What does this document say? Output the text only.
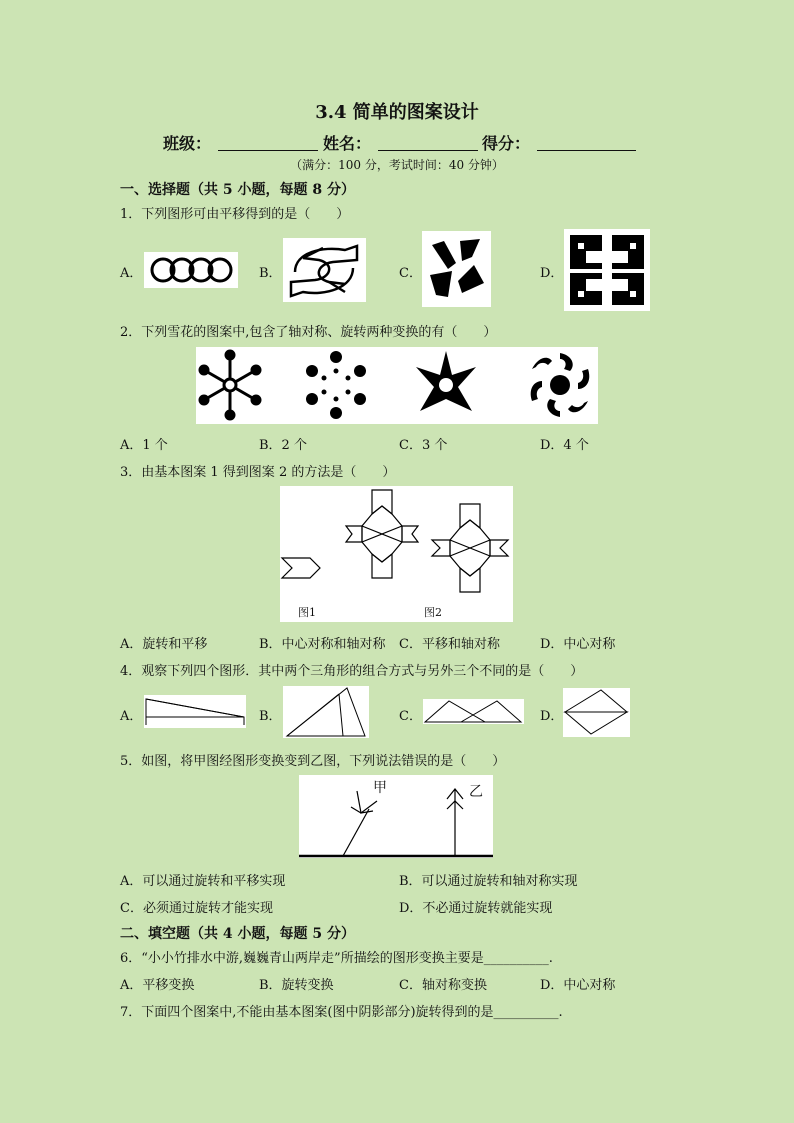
3.4 简单的图案设计
班级：	姓名：	得分：
（满分：100 分，考试时间：40 分钟）
一、选择题（共 5 小题，每题 8 分）
1．下列图形可由平移得到的是（　　）
A．	B．	C．	D．
2．下列雪花的图案中,包含了轴对称、旋转两种变换的有（　　）
A．1 个	B．2 个	C．3 个	D．4 个
3．由基本图案 1 得到图案 2 的方法是（　　）
图1	图2
A．旋转和平移	B．中心对称和轴对称 C．平移和轴对称	D．中心对称
4．观察下列四个图形．其中两个三角形的组合方式与另外三个不同的是（　　）
A．	B．	C．	D．
5．如图，将甲图经图形变换变到乙图，下列说法错误的是（　　）
甲	乙
A．可以通过旋转和平移实现	B．可以通过旋转和轴对称实现
C．必须通过旋转才能实现	D．不必通过旋转就能实现
二、填空题（共 4 小题，每题 5 分）
6．“小小竹排水中游,巍巍青山两岸走”所描绘的图形变换主要是__________.
A．平移变换	B．旋转变换	C．轴对称变换	D．中心对称
7．下面四个图案中,不能由基本图案(图中阴影部分)旋转得到的是__________.
